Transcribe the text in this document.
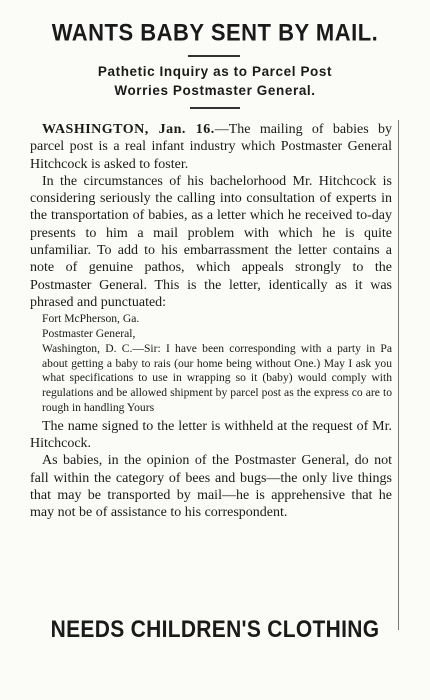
WANTS BABY SENT BY MAIL.
Pathetic Inquiry as to Parcel Post
Worries Postmaster General.

WASHINGTON, Jan. 16.—The mailing of babies by parcel post is a real infant industry which Postmaster General Hitchcock is asked to foster.

In the circumstances of his bachelorhood Mr. Hitchcock is considering seriously the calling into consultation of experts in the transportation of babies, as a letter which he received to-day presents to him a mail problem with which he is quite unfamiliar. To add to his embarrassment the letter contains a note of genuine pathos, which appeals strongly to the Postmaster General. This is the letter, identically as it was phrased and punctuated:

Fort McPherson, Ga.
Postmaster General,
Washington, D. C.—Sir: I have been corresponding with a party in Pa about getting a baby to rais (our home being without One.) May I ask you what specifications to use in wrapping so it (baby) would comply with regulations and be allowed shipment by parcel post as the express co are to rough in handling Yours

The name signed to the letter is withheld at the request of Mr. Hitchcock.

As babies, in the opinion of the Postmaster General, do not fall within the category of bees and bugs—the only live things that may be transported by mail—he is apprehensive that he may not be of assistance to his correspondent.

NEEDS CHILDREN'S CLOTHING
